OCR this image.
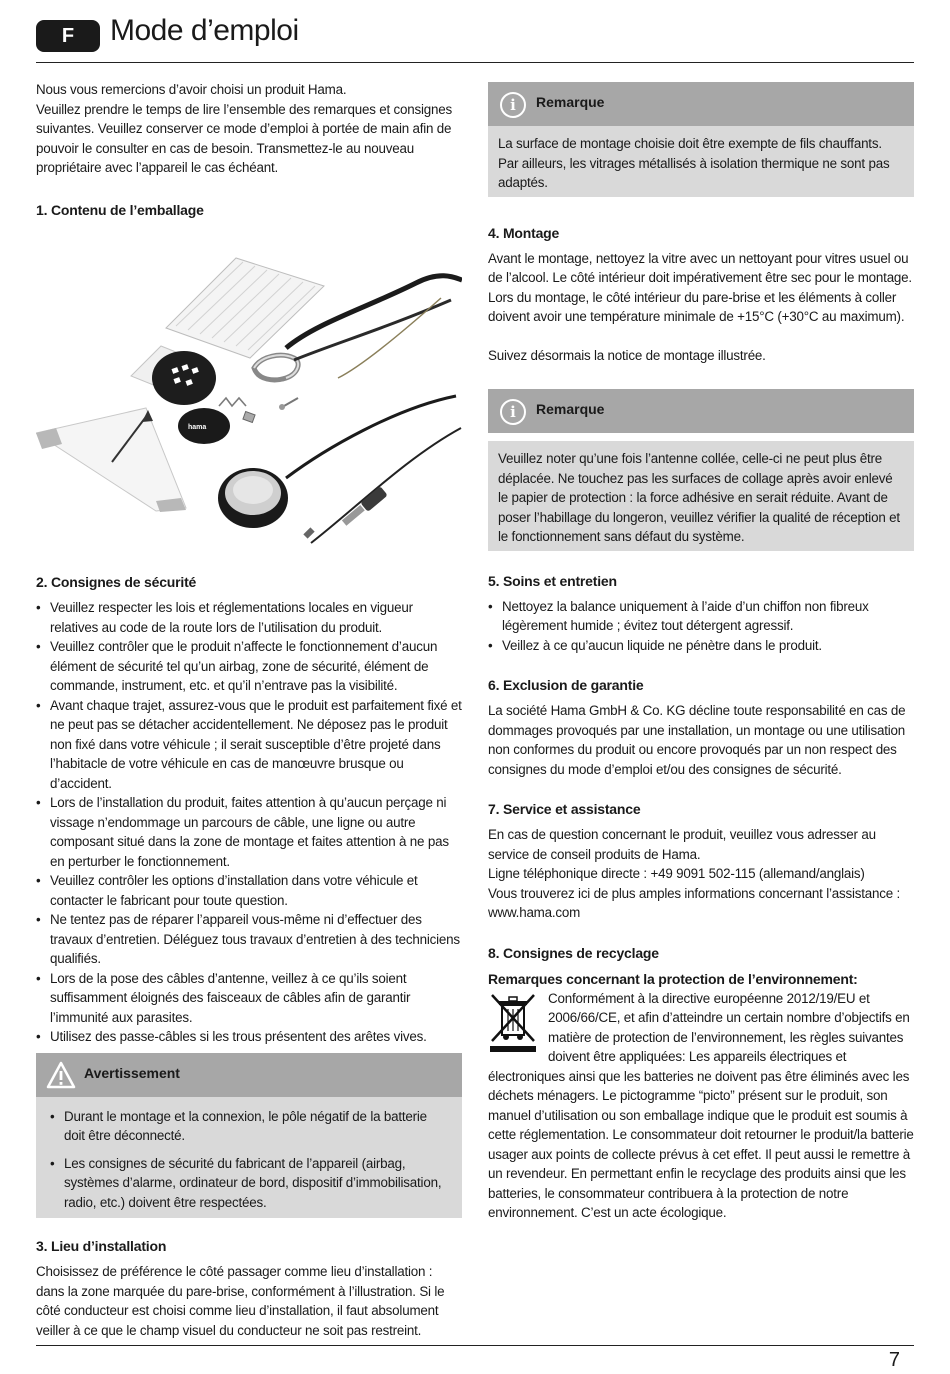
F	Mode d’emploi

Nous vous remercions d’avoir choisi un produit Hama.

Veuillez prendre le temps de lire l’ensemble des remarques et consignes suivantes. Veuillez conserver ce mode d’emploi à portée de main afin de pouvoir le consulter en cas de besoin. Transmettez-le au nouveau propriétaire avec l’appareil le cas échéant.

1. Contenu de l’emballage
hama
2. Consignes de sécurité
• Veuillez respecter les lois et réglementations locales en vigueur relatives au code de la route lors de l’utilisation du produit.
• Veuillez contrôler que le produit n’affecte le fonctionnement d’aucun élément de sécurité tel qu’un airbag, zone de sécurité, élément de commande, instrument, etc. et qu’il n’entrave pas la visibilité.
• Avant chaque trajet, assurez-vous que le produit est parfaitement fixé et ne peut pas se détacher accidentellement. Ne déposez pas le produit non fixé dans votre véhicule ; il serait susceptible d’être projeté dans l’habitacle de votre véhicule en cas de manœuvre brusque ou d’accident.
• Lors de l’installation du produit, faites attention à qu’aucun perçage ni vissage n’endommage un parcours de câble, une ligne ou autre composant situé dans la zone de montage et faites attention à ne pas en perturber le fonctionnement.
• Veuillez contrôler les options d’installation dans votre véhicule et contacter le fabricant pour toute question.
• Ne tentez pas de réparer l’appareil vous-même ni d’effectuer des travaux d’entretien. Déléguez tous travaux d’entretien à des techniciens qualifiés.
• Lors de la pose des câbles d’antenne, veillez à ce qu’ils soient suffisamment éloignés des faisceaux de câbles afin de garantir l’immunité aux parasites.
• Utilisez des passe-câbles si les trous présentent des arêtes vives.
Avertissement
• Durant le montage et la connexion, le pôle négatif de la batterie doit être déconnecté.
• Les consignes de sécurité du fabricant de l’appareil (airbag, systèmes d’alarme, ordinateur de bord, dispositif d’immobilisation, radio, etc.) doivent être respectées.
3. Lieu d’installation

Choisissez de préférence le côté passager comme lieu d’installation : dans la zone marquée du pare-brise, conformément à l’illustration. Si le côté conducteur est choisi comme lieu d’installation, il faut absolument veiller à ce que le champ visuel du conducteur ne soit pas restreint.

i	Remarque

La surface de montage choisie doit être exempte de fils chauffants. Par ailleurs, les vitrages métallisés à isolation thermique ne sont pas adaptés.

4. Montage

Avant le montage, nettoyez la vitre avec un nettoyant pour vitres usuel ou de l’alcool. Le côté intérieur doit impérativement être sec pour le montage. Lors du montage, le côté intérieur du pare-brise et les éléments à coller doivent avoir une température minimale de +15°C (+30°C au maximum).

Suivez désormais la notice de montage illustrée.

i	Remarque

Veuillez noter qu’une fois l’antenne collée, celle-ci ne peut plus être déplacée. Ne touchez pas les surfaces de collage après avoir enlevé le papier de protection : la force adhésive en serait réduite. Avant de poser l’habillage du longeron, veuillez vérifier la qualité de réception et le fonctionnement sans défaut du système.

5. Soins et entretien
• Nettoyez la balance uniquement à l’aide d’un chiffon non fibreux légèrement humide ; évitez tout détergent agressif.
• Veillez à ce qu’aucun liquide ne pénètre dans le produit.
6. Exclusion de garantie

La société Hama GmbH & Co. KG décline toute responsabilité en cas de dommages provoqués par une installation, un montage ou une utilisation non conformes du produit ou encore provoqués par un non respect des consignes du mode d’emploi et/ou des consignes de sécurité.

7. Service et assistance

En cas de question concernant le produit, veuillez vous adresser au service de conseil produits de Hama.

Ligne téléphonique directe : +49 9091 502-115 (allemand/anglais)

Vous trouverez ici de plus amples informations concernant l’assistance : www.hama.com

8. Consignes de recyclage
Remarques concernant la protection de l’environnement:

Conformément à la directive européenne 2012/19/EU et 2006/66/CE, et afin d’atteindre un certain nombre d’objectifs en matière de protection de l’environnement, les règles suivantes doivent être appliquées: Les appareils électriques et électroniques ainsi que les batteries ne doivent pas être éliminés avec les déchets ménagers. Le pictogramme “picto” présent sur le produit, son manuel d’utilisation ou son emballage indique que le produit est soumis à cette réglementation. Le consommateur doit retourner le produit/la batterie usager aux points de collecte prévus à cet effet. Il peut aussi le remettre à un revendeur. En permettant enfin le recyclage des produits ainsi que les batteries, le consommateur contribuera à la protection de notre environnement. C’est un acte écologique.

7
